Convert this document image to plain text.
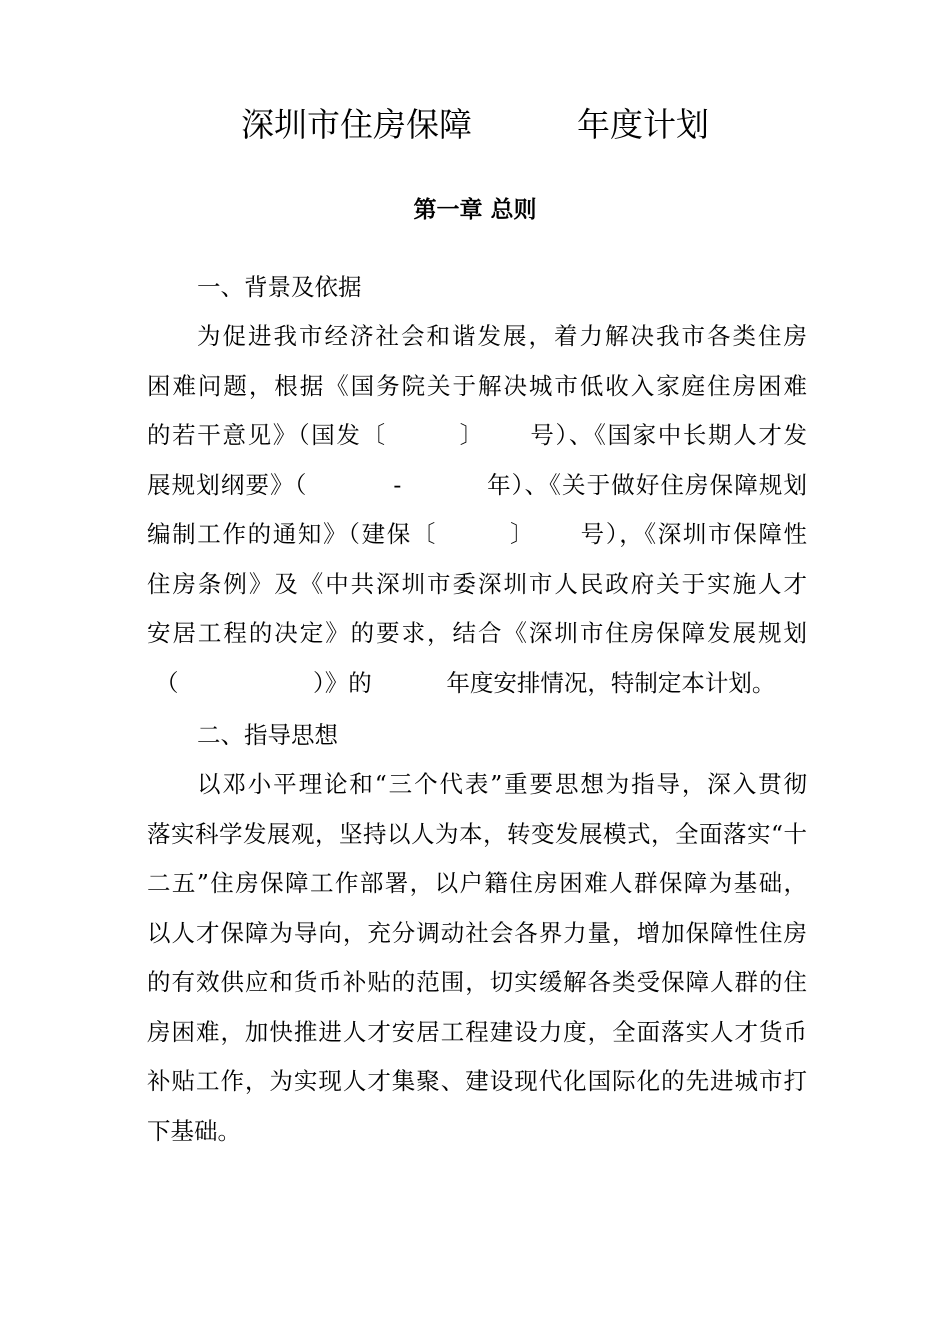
深圳市住房保障          年度计划
第一章 总则
一、背景及依据
为促进我市经济社会和谐发展，着力解决我市各类住房
困难问题，根据《国务院关于解决城市低收入家庭住房困难
的若干意见》（国发〔        〕     号）、《国家中长期人才发
展规划纲要》（          -          年）、《关于做好住房保障规划
编制工作的通知》（建保〔        〕     号），《深圳市保障性
住房条例》及《中共深圳市委深圳市人民政府关于实施人才
安居工程的决定》的要求，结合《深圳市住房保障发展规划
（                  ）》的          年度安排情况，特制定本计划。
二、指导思想
以邓小平理论和“三个代表”重要思想为指导，深入贯彻
落实科学发展观，坚持以人为本，转变发展模式，全面落实“十
二五”住房保障工作部署，以户籍住房困难人群保障为基础，
以人才保障为导向，充分调动社会各界力量，增加保障性住房
的有效供应和货币补贴的范围，切实缓解各类受保障人群的住
房困难，加快推进人才安居工程建设力度，全面落实人才货币
补贴工作，为实现人才集聚、建设现代化国际化的先进城市打
下基础。
